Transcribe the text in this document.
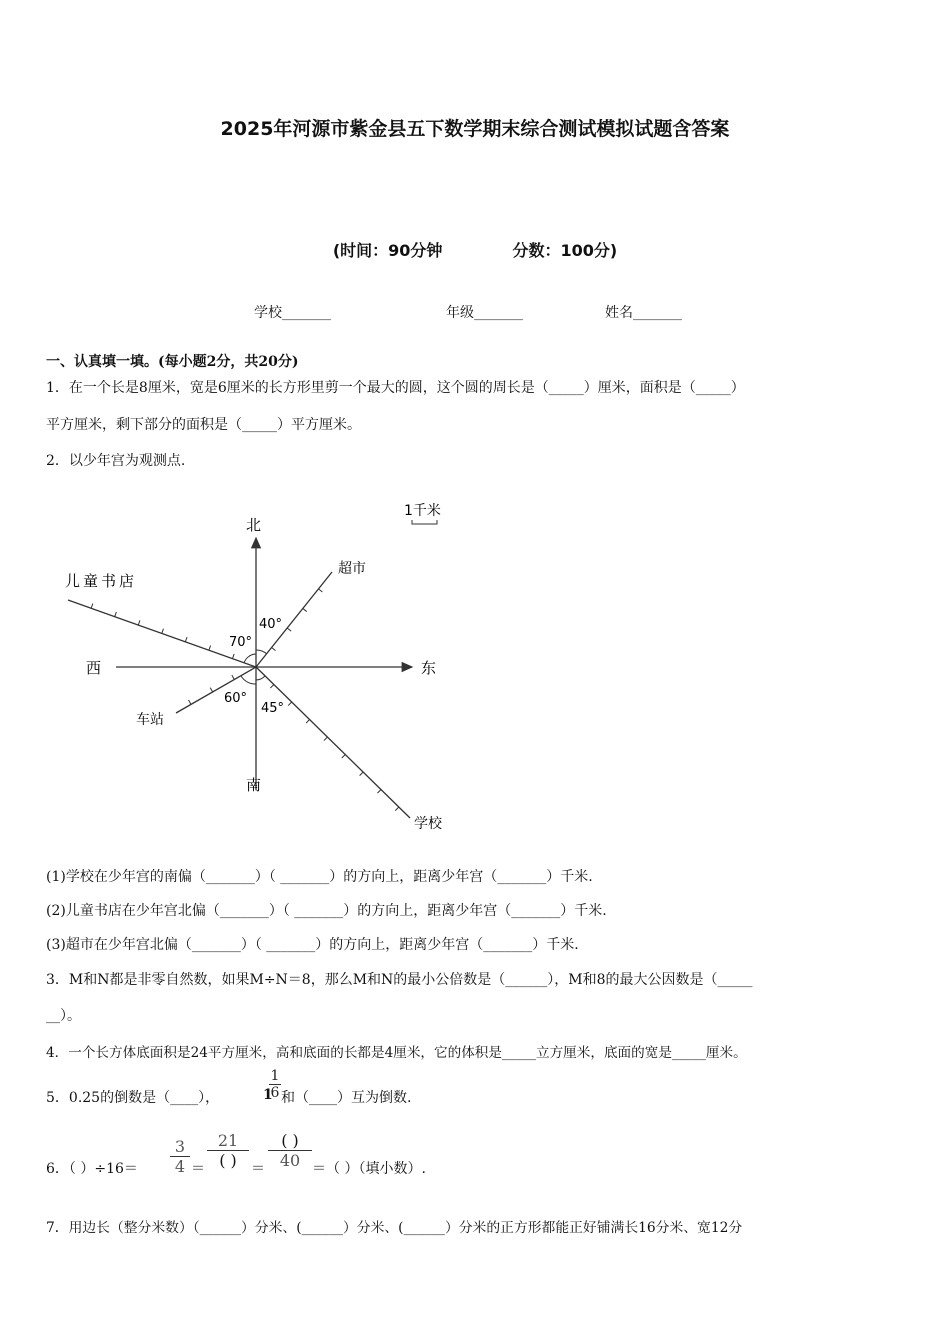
2025年河源市紫金县五下数学期末综合测试模拟试题含答案
(时间：90分钟	分数：100分)
学校_______	年级_______	姓名_______
一、认真填一填。(每小题2分，共20分)
1．在一个长是8厘米，宽是6厘米的长方形里剪一个最大的圆，这个圆的周长是（_____）厘米，面积是（_____）
平方厘米，剩下部分的面积是（_____）平方厘米。
2．以少年宫为观测点.
北
南
东
西
1千米
超市
儿童书店
车站
学校
40°
70°
60°
45°
(1)学校在少年宫的南偏（_______）（ _______）的方向上，距离少年宫（_______）千米.
(2)儿童书店在少年宫北偏（_______）（ _______）的方向上，距离少年宫（_______）千米.
(3)超市在少年宫北偏（_______）（ _______）的方向上，距离少年宫（_______）千米.
3．M和N都是非零自然数，如果M÷N＝8，那么M和N的最小公倍数是（______），M和8的最大公因数是（_____
__）。
4．一个长方体底面积是24平方厘米，高和底面的长都是4厘米，它的体积是_____立方厘米，底面的宽是_____厘米。
5．0.25的倒数是（____），	1
$\frac{1}{6}$ 和（____）互为倒数.
6．（ ）$\div 16= \frac{3}{4}$ ＝
21
( )	＝
( )
40 ＝（ ）（填小数）.
7．用边长（整分米数）（______）分米、(______）分米、(______）分米的正方形都能正好铺满长16分米、宽12分
